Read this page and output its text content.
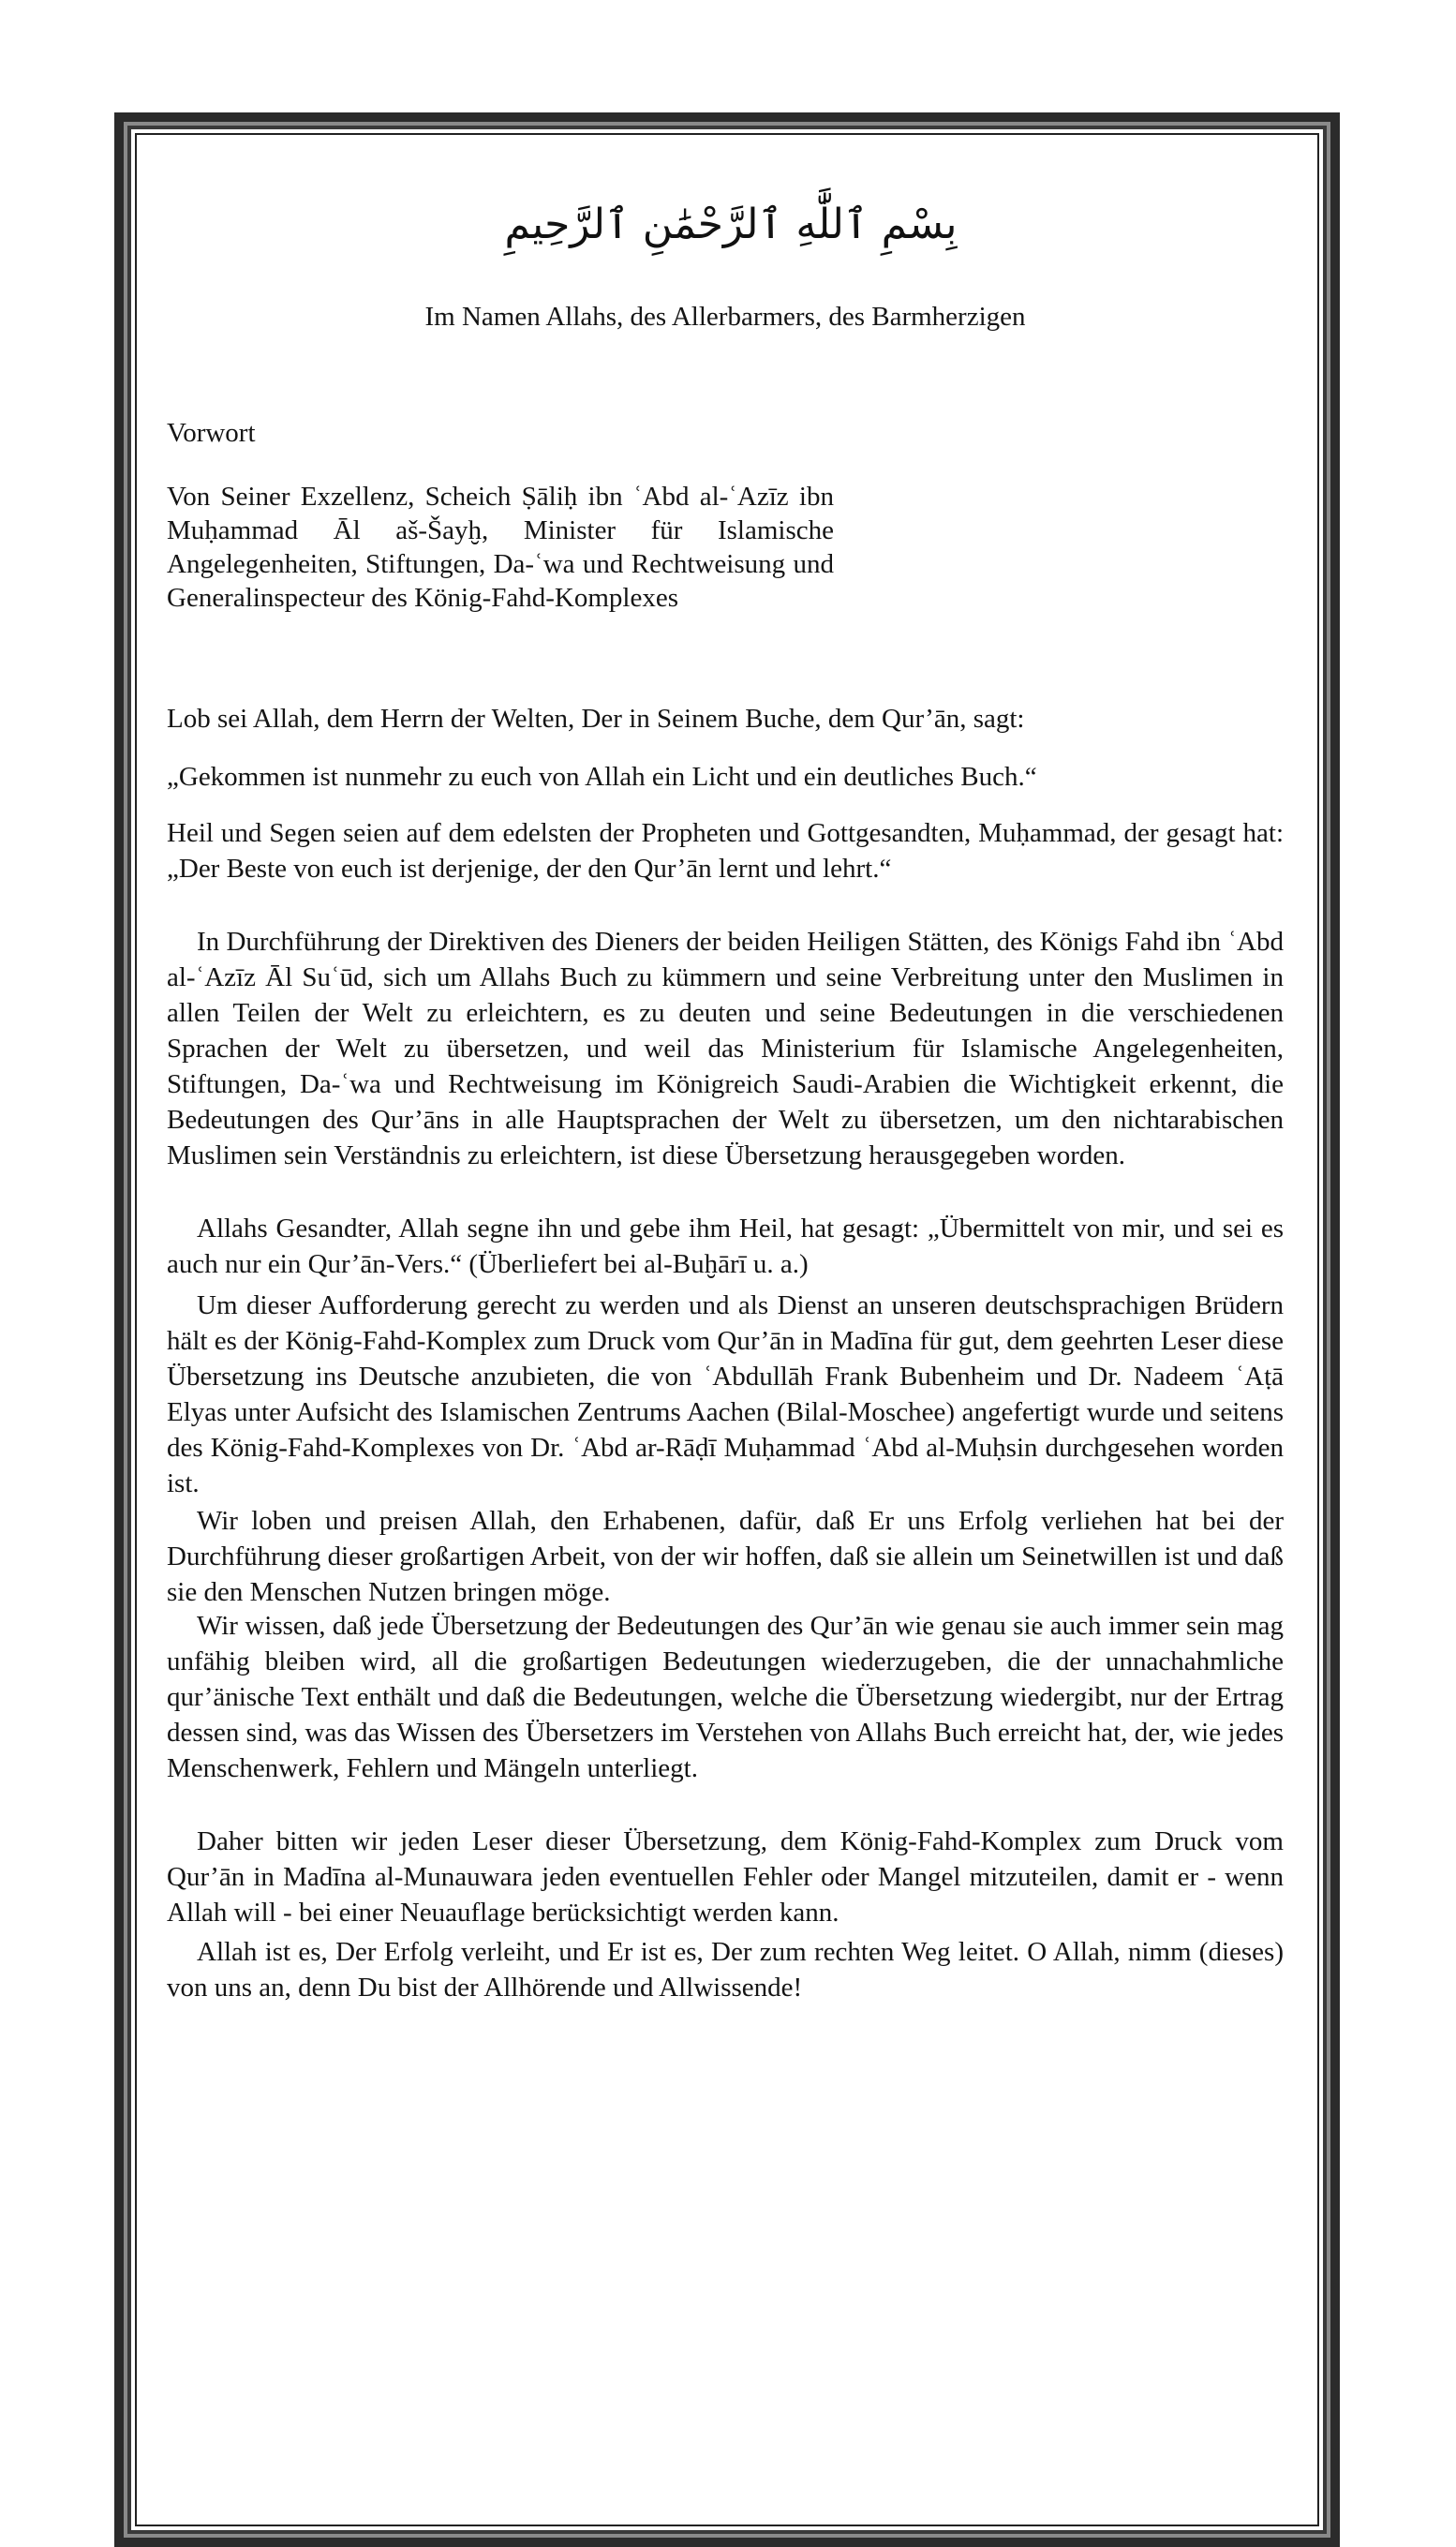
بِسْمِ ٱللَّٰهِ ٱلرَّحْمَٰنِ ٱلرَّحِيمِ
Im Namen Allahs, des Allerbarmers, des Barmherzigen
Vorwort
Von Seiner Exzellenz, Scheich Ṣāliḥ ibn ʿAbd al-ʿAzīz ibn Muḥammad Āl aš-Šayḫ, Minister für Islamische Angelegenheiten, Stiftungen, Da-ʿwa und Rechtweisung und Generalinspecteur des König-Fahd-Komplexes

Lob sei Allah, dem Herrn der Welten, Der in Seinem Buche, dem Qur’ān, sagt:

„Gekommen ist nunmehr zu euch von Allah ein Licht und ein deutliches Buch.“

Heil und Segen seien auf dem edelsten der Propheten und Gottgesandten, Muḥammad, der gesagt hat: „Der Beste von euch ist derjenige, der den Qur’ān lernt und lehrt.“

In Durchführung der Direktiven des Dieners der beiden Heiligen Stätten, des Königs Fahd ibn ʿAbd al-ʿAzīz Āl Suʿūd, sich um Allahs Buch zu kümmern und seine Verbreitung unter den Muslimen in allen Teilen der Welt zu erleichtern, es zu deuten und seine Bedeutungen in die verschiedenen Sprachen der Welt zu übersetzen, und weil das Ministerium für Islamische Angelegenheiten, Stiftungen, Da-ʿwa und Rechtweisung im Königreich Saudi-Arabien die Wichtigkeit erkennt, die Bedeutungen des Qur’āns in alle Hauptsprachen der Welt zu übersetzen, um den nichtarabischen Muslimen sein Verständnis zu erleichtern, ist diese Übersetzung herausgegeben worden.

Allahs Gesandter, Allah segne ihn und gebe ihm Heil, hat gesagt: „Übermittelt von mir, und sei es auch nur ein Qur’ān-Vers.“ (Überliefert bei al-Buḫārī u. a.)

Um dieser Aufforderung gerecht zu werden und als Dienst an unseren deutschsprachigen Brüdern hält es der König-Fahd-Komplex zum Druck vom Qur’ān in Madīna für gut, dem geehrten Leser diese Übersetzung ins Deutsche anzubieten, die von ʿAbdullāh Frank Bubenheim und Dr. Nadeem ʿAṭā Elyas unter Aufsicht des Islamischen Zentrums Aachen (Bilal-Moschee) angefertigt wurde und seitens des König-Fahd-Komplexes von Dr. ʿAbd ar-Rāḍī Muḥammad ʿAbd al-Muḥsin durchgesehen worden ist.

Wir loben und preisen Allah, den Erhabenen, dafür, daß Er uns Erfolg verliehen hat bei der Durchführung dieser großartigen Arbeit, von der wir hoffen, daß sie allein um Seinetwillen ist und daß sie den Menschen Nutzen bringen möge.

Wir wissen, daß jede Übersetzung der Bedeutungen des Qur’ān wie genau sie auch immer sein mag unfähig bleiben wird, all die großartigen Bedeutungen wiederzugeben, die der unnachahmliche qur’änische Text enthält und daß die Bedeutungen, welche die Übersetzung wiedergibt, nur der Ertrag dessen sind, was das Wissen des Übersetzers im Verstehen von Allahs Buch erreicht hat, der, wie jedes Menschenwerk, Fehlern und Mängeln unterliegt.

Daher bitten wir jeden Leser dieser Übersetzung, dem König-Fahd-Komplex zum Druck vom Qur’ān in Madīna al-Munauwara jeden eventuellen Fehler oder Mangel mitzuteilen, damit er - wenn Allah will - bei einer Neuauflage berücksichtigt werden kann.

Allah ist es, Der Erfolg verleiht, und Er ist es, Der zum rechten Weg leitet. O Allah, nimm (dieses) von uns an, denn Du bist der Allhörende und Allwissende!
